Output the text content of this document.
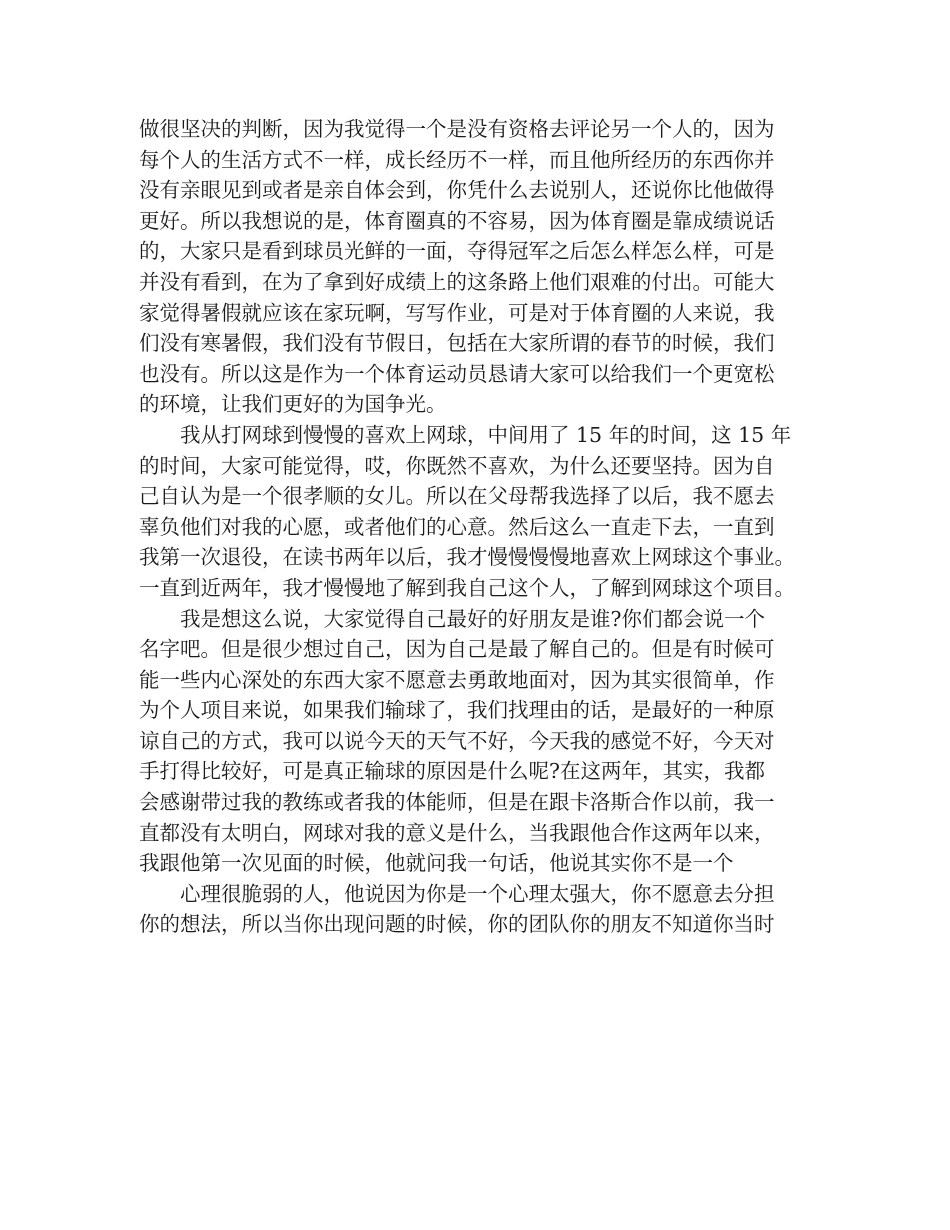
做很坚决的判断，因为我觉得一个是没有资格去评论另一个人的，因为
每个人的生活方式不一样，成长经历不一样，而且他所经历的东西你并
没有亲眼见到或者是亲自体会到，你凭什么去说别人，还说你比他做得
更好。所以我想说的是，体育圈真的不容易，因为体育圈是靠成绩说话
的，大家只是看到球员光鲜的一面，夺得冠军之后怎么样怎么样，可是
并没有看到，在为了拿到好成绩上的这条路上他们艰难的付出。可能大
家觉得暑假就应该在家玩啊，写写作业，可是对于体育圈的人来说，我
们没有寒暑假，我们没有节假日，包括在大家所谓的春节的时候，我们
也没有。所以这是作为一个体育运动员恳请大家可以给我们一个更宽松
的环境，让我们更好的为国争光。

　　我从打网球到慢慢的喜欢上网球，中间用了 15 年的时间，这 15 年
的时间，大家可能觉得，哎，你既然不喜欢，为什么还要坚持。因为自
己自认为是一个很孝顺的女儿。所以在父母帮我选择了以后，我不愿去
辜负他们对我的心愿，或者他们的心意。然后这么一直走下去，一直到
我第一次退役，在读书两年以后，我才慢慢慢慢地喜欢上网球这个事业。
一直到近两年，我才慢慢地了解到我自己这个人，了解到网球这个项目。

　　我是想这么说，大家觉得自己最好的好朋友是谁?你们都会说一个
名字吧。但是很少想过自己，因为自己是最了解自己的。但是有时候可
能一些内心深处的东西大家不愿意去勇敢地面对，因为其实很简单，作
为个人项目来说，如果我们输球了，我们找理由的话，是最好的一种原
谅自己的方式，我可以说今天的天气不好，今天我的感觉不好，今天对
手打得比较好，可是真正输球的原因是什么呢?在这两年，其实，我都
会感谢带过我的教练或者我的体能师，但是在跟卡洛斯合作以前，我一
直都没有太明白，网球对我的意义是什么，当我跟他合作这两年以来，
我跟他第一次见面的时候，他就问我一句话，他说其实你不是一个

　　心理很脆弱的人，他说因为你是一个心理太强大，你不愿意去分担
你的想法，所以当你出现问题的时候，你的团队你的朋友不知道你当时
